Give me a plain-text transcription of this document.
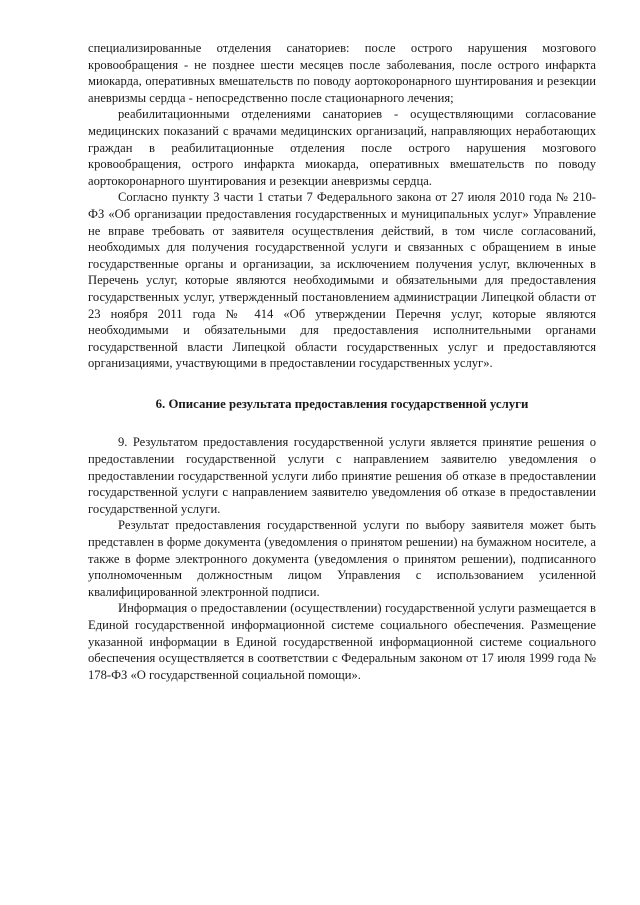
специализированные отделения санаториев: после острого нарушения мозгового кровообращения - не позднее шести месяцев после заболевания, после острого инфаркта миокарда, оперативных вмешательств по поводу аортокоронарного шунтирования и резекции аневризмы сердца - непосредственно после стационарного лечения;

реабилитационными отделениями санаториев - осуществляющими согласование медицинских показаний с врачами медицинских организаций, направляющих неработающих граждан в реабилитационные отделения после острого нарушения мозгового кровообращения, острого инфаркта миокарда, оперативных вмешательств по поводу аортокоронарного шунтирования и резекции аневризмы сердца.

Согласно пункту 3 части 1 статьи 7 Федерального закона от 27 июля 2010 года № 210-ФЗ «Об организации предоставления государственных и муниципальных услуг» Управление не вправе требовать от заявителя осуществления действий, в том числе согласований, необходимых для получения государственной услуги и связанных с обращением в иные государственные органы и организации, за исключением получения услуг, включенных в Перечень услуг, которые являются необходимыми и обязательными для предоставления государственных услуг, утвержденный постановлением администрации Липецкой области от 23 ноября 2011 года № 414 «Об утверждении Перечня услуг, которые являются необходимыми и обязательными для предоставления исполнительными органами государственной власти Липецкой области государственных услуг и предоставляются организациями, участвующими в предоставлении государственных услуг».

6. Описание результата предоставления государственной услуги

9. Результатом предоставления государственной услуги является принятие решения о предоставлении государственной услуги с направлением заявителю уведомления о предоставлении государственной услуги либо принятие решения об отказе в предоставлении государственной услуги с направлением заявителю уведомления об отказе в предоставлении государственной услуги.

Результат предоставления государственной услуги по выбору заявителя может быть представлен в форме документа (уведомления о принятом решении) на бумажном носителе, а также в форме электронного документа (уведомления о принятом решении), подписанного уполномоченным должностным лицом Управления с использованием усиленной квалифицированной электронной подписи.

Информация о предоставлении (осуществлении) государственной услуги размещается в Единой государственной информационной системе социального обеспечения. Размещение указанной информации в Единой государственной информационной системе социального обеспечения осуществляется в соответствии с Федеральным законом от 17 июля 1999 года № 178-ФЗ «О государственной социальной помощи».
